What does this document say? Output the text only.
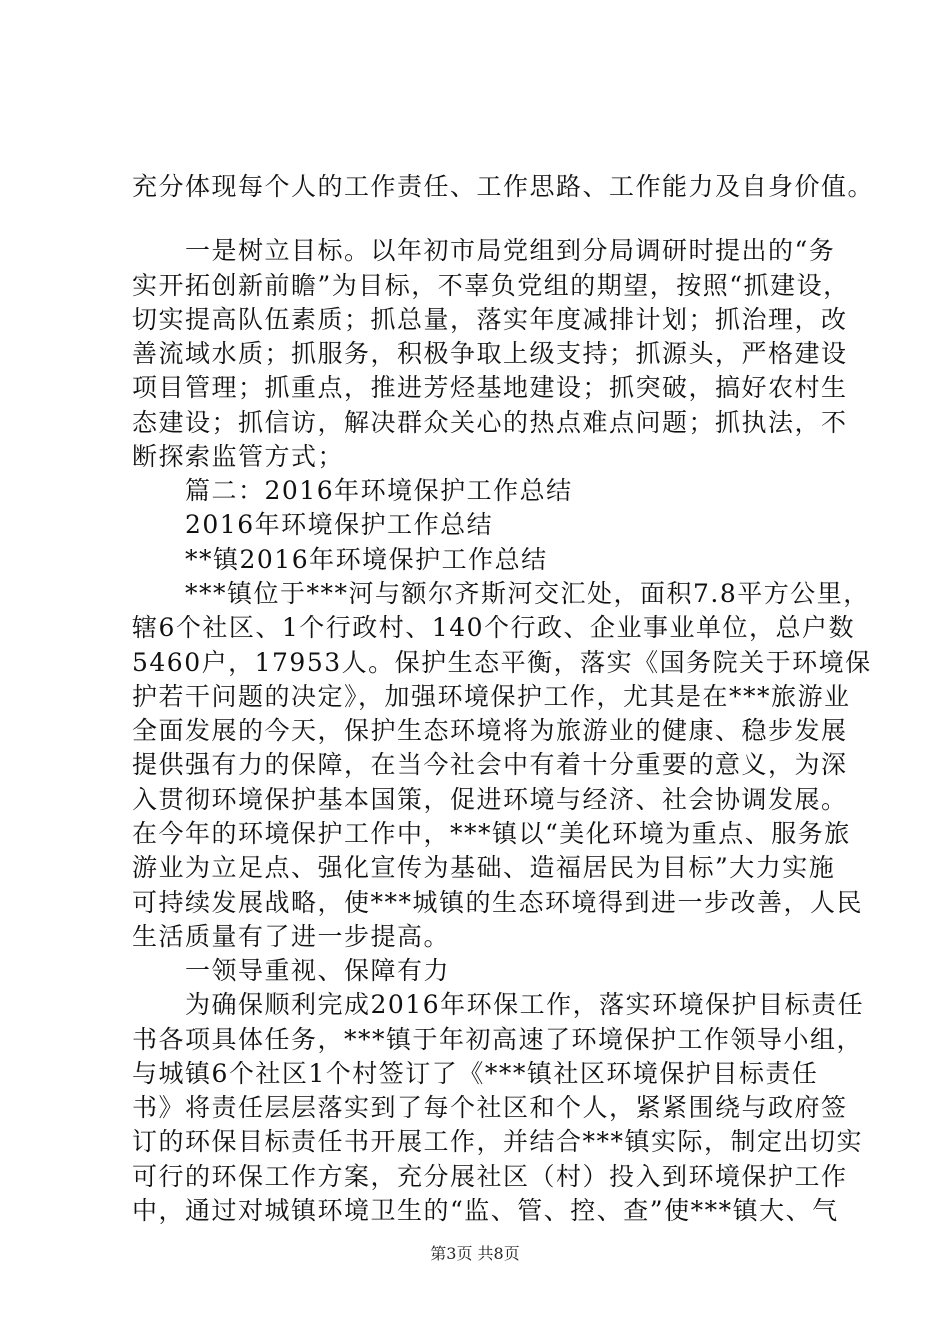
充分体现每个人的工作责任、工作思路、工作能力及自身价值。
　　一是树立目标。以年初市局党组到分局调研时提出的“务
实开拓创新前瞻”为目标，不辜负党组的期望，按照“抓建设，
切实提高队伍素质；抓总量，落实年度减排计划；抓治理，改
善流域水质；抓服务，积极争取上级支持；抓源头，严格建设
项目管理；抓重点，推进芳烃基地建设；抓突破，搞好农村生
态建设；抓信访，解决群众关心的热点难点问题；抓执法，不
断探索监管方式；
　　篇二：2016年环境保护工作总结
　　2016年环境保护工作总结
　　**镇2016年环境保护工作总结
　　***镇位于***河与额尔齐斯河交汇处，面积7.8平方公里，
辖6个社区、1个行政村、140个行政、企业事业单位，总户数
5460户，17953人。保护生态平衡，落实《国务院关于环境保
护若干问题的决定》，加强环境保护工作，尤其是在***旅游业
全面发展的今天，保护生态环境将为旅游业的健康、稳步发展
提供强有力的保障，在当今社会中有着十分重要的意义，为深
入贯彻环境保护基本国策，促进环境与经济、社会协调发展。
在今年的环境保护工作中，***镇以“美化环境为重点、服务旅
游业为立足点、强化宣传为基础、造福居民为目标”大力实施
可持续发展战略，使***城镇的生态环境得到进一步改善，人民
生活质量有了进一步提高。
　　一领导重视、保障有力
　　为确保顺利完成2016年环保工作，落实环境保护目标责任
书各项具体任务，***镇于年初高速了环境保护工作领导小组，
与城镇6个社区1个村签订了《***镇社区环境保护目标责任
书》将责任层层落实到了每个社区和个人，紧紧围绕与政府签
订的环保目标责任书开展工作，并结合***镇实际，制定出切实
可行的环保工作方案，充分展社区（村）投入到环境保护工作
中，通过对城镇环境卫生的“监、管、控、查”使***镇大、气
第3页 共8页
